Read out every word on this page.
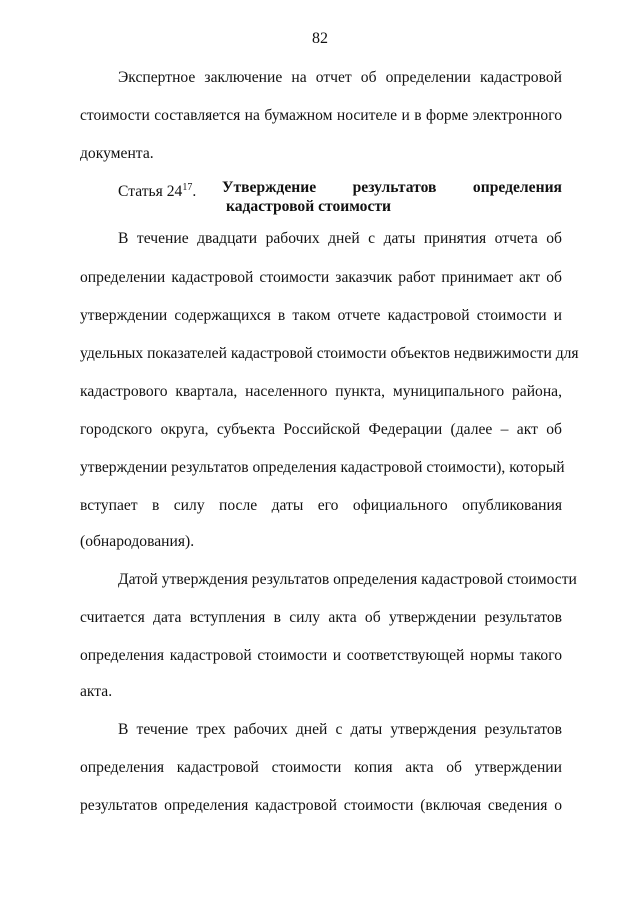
82
Экспертное заключение на отчет об определении кадастровой
стоимости составляется на бумажном носителе и в форме электронного
документа.
Статья $24^{17}$. Утверждение результатов определения
кадастровой стоимости
В течение двадцати рабочих дней с даты принятия отчета об
определении кадастровой стоимости заказчик работ принимает акт об
утверждении содержащихся в таком отчете кадастровой стоимости и
удельных показателей кадастровой стоимости объектов недвижимости для
кадастрового квартала, населенного пункта, муниципального района,
городского округа, субъекта Российской Федерации (далее – акт об
утверждении результатов определения кадастровой стоимости), который
вступает в силу после даты его официального опубликования
(обнародования).
Датой утверждения результатов определения кадастровой стоимости
считается дата вступления в силу акта об утверждении результатов
определения кадастровой стоимости и соответствующей нормы такого
акта.
В течение трех рабочих дней с даты утверждения результатов
определения кадастровой стоимости копия акта об утверждении
результатов определения кадастровой стоимости (включая сведения о
